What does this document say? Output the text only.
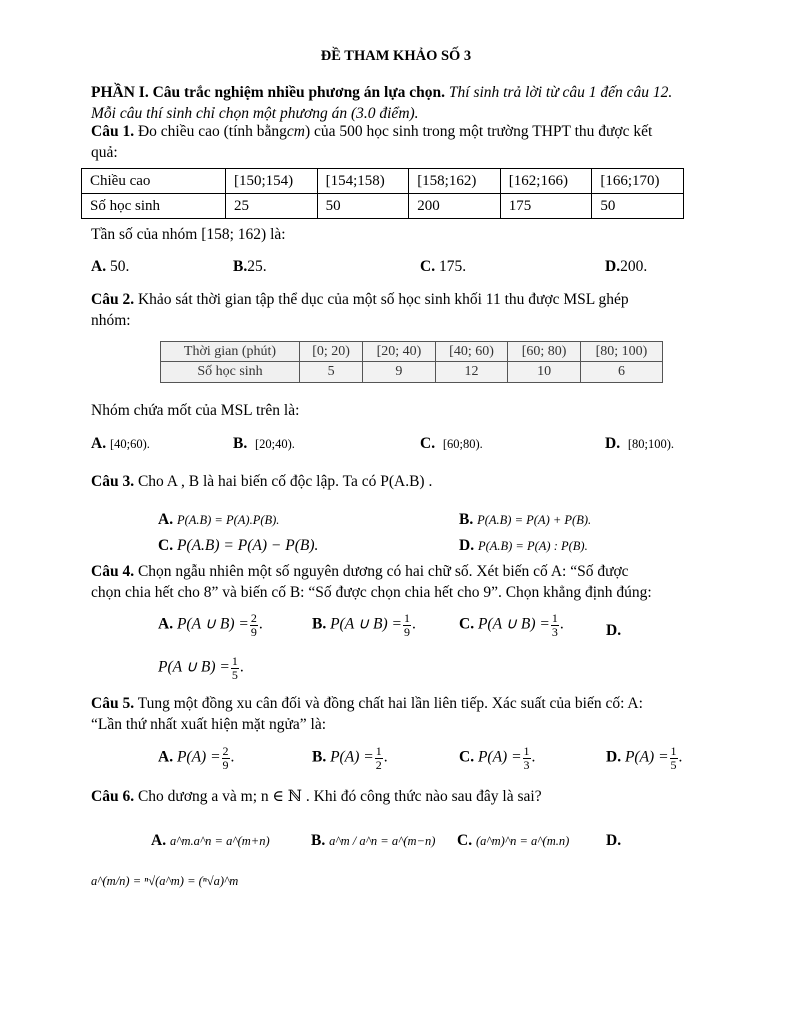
ĐỀ THAM KHẢO SỐ 3
PHẦN I. Câu trắc nghiệm nhiều phương án lựa chọn. Thí sinh trả lời từ câu 1 đến câu 12.
Mỗi câu thí sinh chỉ chọn một phương án (3.0 điểm).
Câu 1. Đo chiều cao (tính bằngcm) của 500 học sinh trong một trường THPT thu được kết
quả:
Chiều cao	[150;154)	[154;158)	[158;162)	[162;166)	[166;170)
Số học sinh	25	50	200	175	50
Tần số của nhóm [158; 162) là:
A. 50.	B.25.	C. 175.	D.200.
Câu 2. Khảo sát thời gian tập thể dục của một số học sinh khối 11 thu được MSL ghép
nhóm:
Thời gian (phút)	[0; 20)	[20; 40)	[40; 60)	[60; 80)	[80; 100)
Số học sinh	5	9	12	10	6
Nhóm chứa mốt của MSL trên là:
A. [40;60).	B. [20;40).	C. [60;80).	D. [80;100).
Câu 3. Cho A , B là hai biến cố độc lập. Ta có P(A.B) .
A. P(A.B) = P(A).P(B).	B. P(A.B) = P(A) + P(B).
C. P(A.B) = P(A) − P(B).	D. P(A.B) = P(A) : P(B).
Câu 4. Chọn ngẫu nhiên một số nguyên dương có hai chữ số. Xét biến cố A: “Số được
chọn chia hết cho 8” và biến cố B: “Số được chọn chia hết cho 9”. Chọn khẳng định đúng:
A. P(A ∪ $B) = \frac{2}{9}$ .	B. P(A ∪ $B) = \frac{1}{9}$ .	C. P(A ∪ $B) = \frac{1}{3}$ .	D.
P(A ∪ $B) = \frac{1}{5}$ .
Câu 5. Tung một đồng xu cân đối và đồng chất hai lần liên tiếp. Xác suất của biến cố: A:
“Lần thứ nhất xuất hiện mặt ngửa” là:
A. $P(A) = \frac{2}{9}$ .	B. $P(A) = \frac{1}{2}$ .	C. $P(A) = \frac{1}{3}$ .	D. $P(A) = \frac{1}{5}$ .
Câu 6. Cho dương a và m; n ∈ ℕ . Khi đó công thức nào sau đây là sai?
A. a^m.a^n = a^(m+n)	B. a^m / a^n = a^(m−n) C. (a^m)^n = a^(m.n) D.
a^(m/n) = ⁿ√(a^m) = (ⁿ√a)^m
